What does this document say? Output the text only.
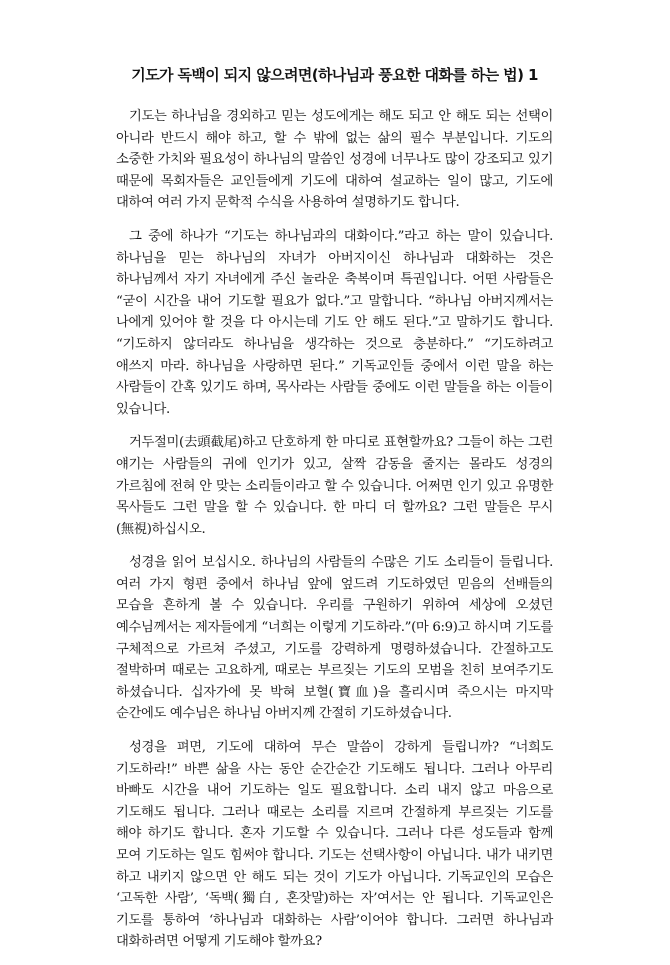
기도가 독백이 되지 않으려면(하나님과 풍요한 대화를 하는 법) 1

기도는 하나님을 경외하고 믿는 성도에게는 해도 되고 안 해도 되는 선택이 아니라 반드시 해야 하고, 할 수 밖에 없는 삶의 필수 부분입니다. 기도의 소중한 가치와 필요성이 하나님의 말씀인 성경에 너무나도 많이 강조되고 있기 때문에 목회자들은 교인들에게 기도에 대하여 설교하는 일이 많고, 기도에 대하여 여러 가지 문학적 수식을 사용하여 설명하기도 합니다.

그 중에 하나가 “기도는 하나님과의 대화이다.”라고 하는 말이 있습니다. 하나님을 믿는 하나님의 자녀가 아버지이신 하나님과 대화하는 것은 하나님께서 자기 자녀에게 주신 놀라운 축복이며 특권입니다. 어떤 사람들은 “굳이 시간을 내어 기도할 필요가 없다.”고 말합니다. “하나님 아버지께서는 나에게 있어야 할 것을 다 아시는데 기도 안 해도 된다.”고 말하기도 합니다. “기도하지 않더라도 하나님을 생각하는 것으로 충분하다.” “기도하려고 애쓰지 마라. 하나님을 사랑하면 된다.” 기독교인들 중에서 이런 말을 하는 사람들이 간혹 있기도 하며, 목사라는 사람들 중에도 이런 말들을 하는 이들이 있습니다.

거두절미(去頭截尾)하고 단호하게 한 마디로 표현할까요? 그들이 하는 그런 얘기는 사람들의 귀에 인기가 있고, 살짝 감동을 줄지는 몰라도 성경의 가르침에 전혀 안 맞는 소리들이라고 할 수 있습니다. 어쩌면 인기 있고 유명한 목사들도 그런 말을 할 수 있습니다. 한 마디 더 할까요? 그런 말들은 무시(無視)하십시오.

성경을 읽어 보십시오. 하나님의 사람들의 수많은 기도 소리들이 들립니다. 여러 가지 형편 중에서 하나님 앞에 엎드려 기도하였던 믿음의 선배들의 모습을 흔하게 볼 수 있습니다. 우리를 구원하기 위하여 세상에 오셨던 예수님께서는 제자들에게 “너희는 이렇게 기도하라.”(마 6:9)고 하시며 기도를 구체적으로 가르쳐 주셨고, 기도를 강력하게 명령하셨습니다. 간절하고도 절박하며 때로는 고요하게, 때로는 부르짖는 기도의 모범을 친히 보여주기도 하셨습니다. 십자가에 못 박혀 보혈(寶血)을 흘리시며 죽으시는 마지막 순간에도 예수님은 하나님 아버지께 간절히 기도하셨습니다.

성경을 펴면, 기도에 대하여 무슨 말씀이 강하게 들립니까? “너희도 기도하라!” 바쁜 삶을 사는 동안 순간순간 기도해도 됩니다. 그러나 아무리 바빠도 시간을 내어 기도하는 일도 필요합니다. 소리 내지 않고 마음으로 기도해도 됩니다. 그러나 때로는 소리를 지르며 간절하게 부르짖는 기도를 해야 하기도 합니다. 혼자 기도할 수 있습니다. 그러나 다른 성도들과 함께 모여 기도하는 일도 힘써야 합니다. 기도는 선택사항이 아닙니다. 내가 내키면 하고 내키지 않으면 안 해도 되는 것이 기도가 아닙니다. 기독교인의 모습은 ‘고독한 사람’, ‘독백(獨白, 혼잣말)하는 자’여서는 안 됩니다. 기독교인은 기도를 통하여 ‘하나님과 대화하는 사람’이어야 합니다. 그러면 하나님과 대화하려면 어떻게 기도해야 할까요?
